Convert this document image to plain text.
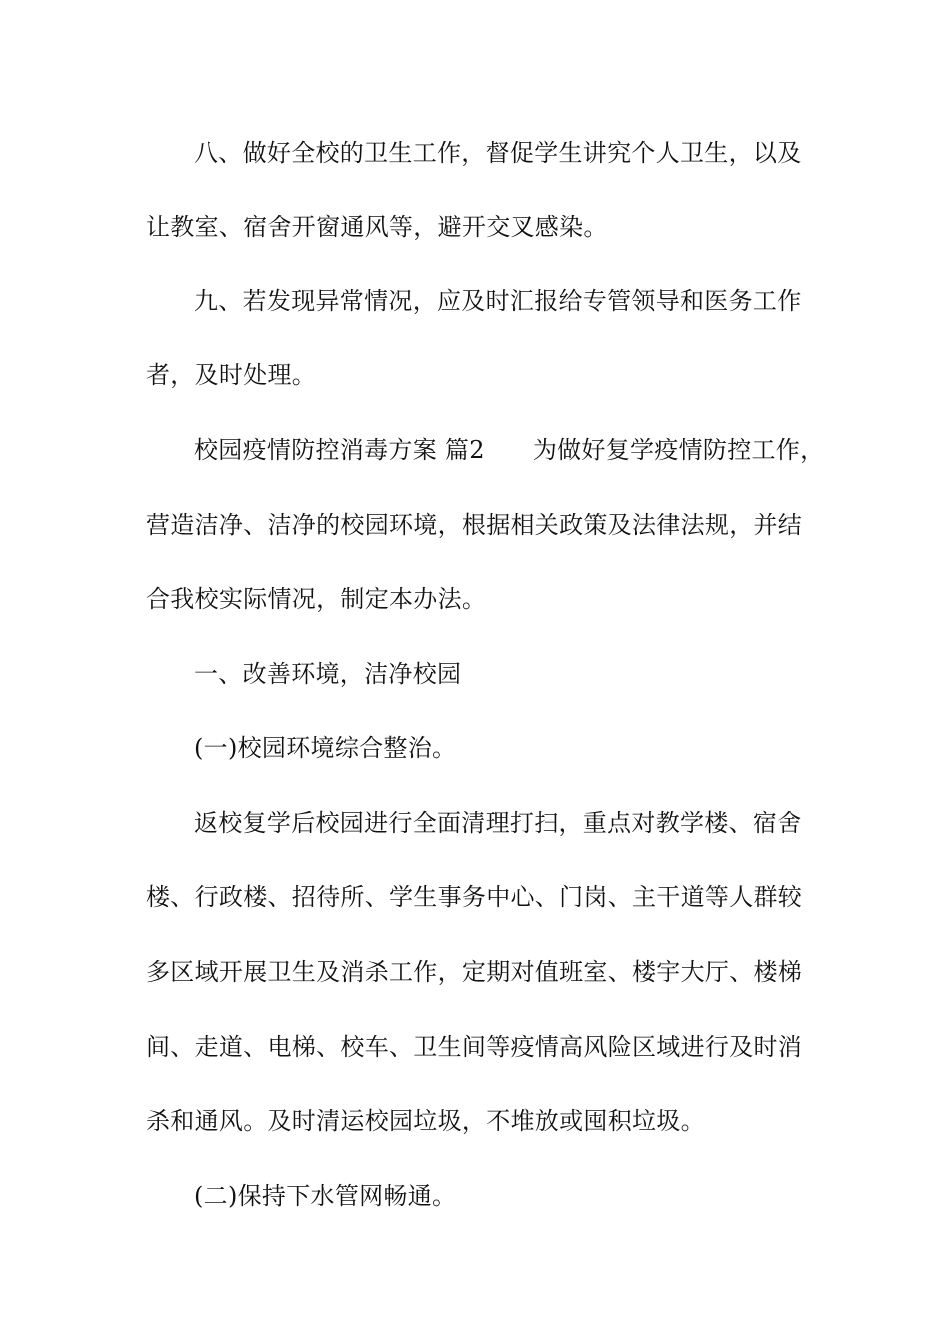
八、做好全校的卫生工作，督促学生讲究个人卫生，以及
让教室、宿舍开窗通风等，避开交叉感染。
九、若发现异常情况，应及时汇报给专管领导和医务工作
者，及时处理。
校园疫情防控消毒方案 篇2 为做好复学疫情防控工作，
营造洁净、洁净的校园环境，根据相关政策及法律法规，并结
合我校实际情况，制定本办法。
一、改善环境，洁净校园
(一)校园环境综合整治。
返校复学后校园进行全面清理打扫，重点对教学楼、宿舍
楼、行政楼、招待所、学生事务中心、门岗、主干道等人群较
多区域开展卫生及消杀工作，定期对值班室、楼宇大厅、楼梯
间、走道、电梯、校车、卫生间等疫情高风险区域进行及时消
杀和通风。及时清运校园垃圾，不堆放或囤积垃圾。
(二)保持下水管网畅通。
